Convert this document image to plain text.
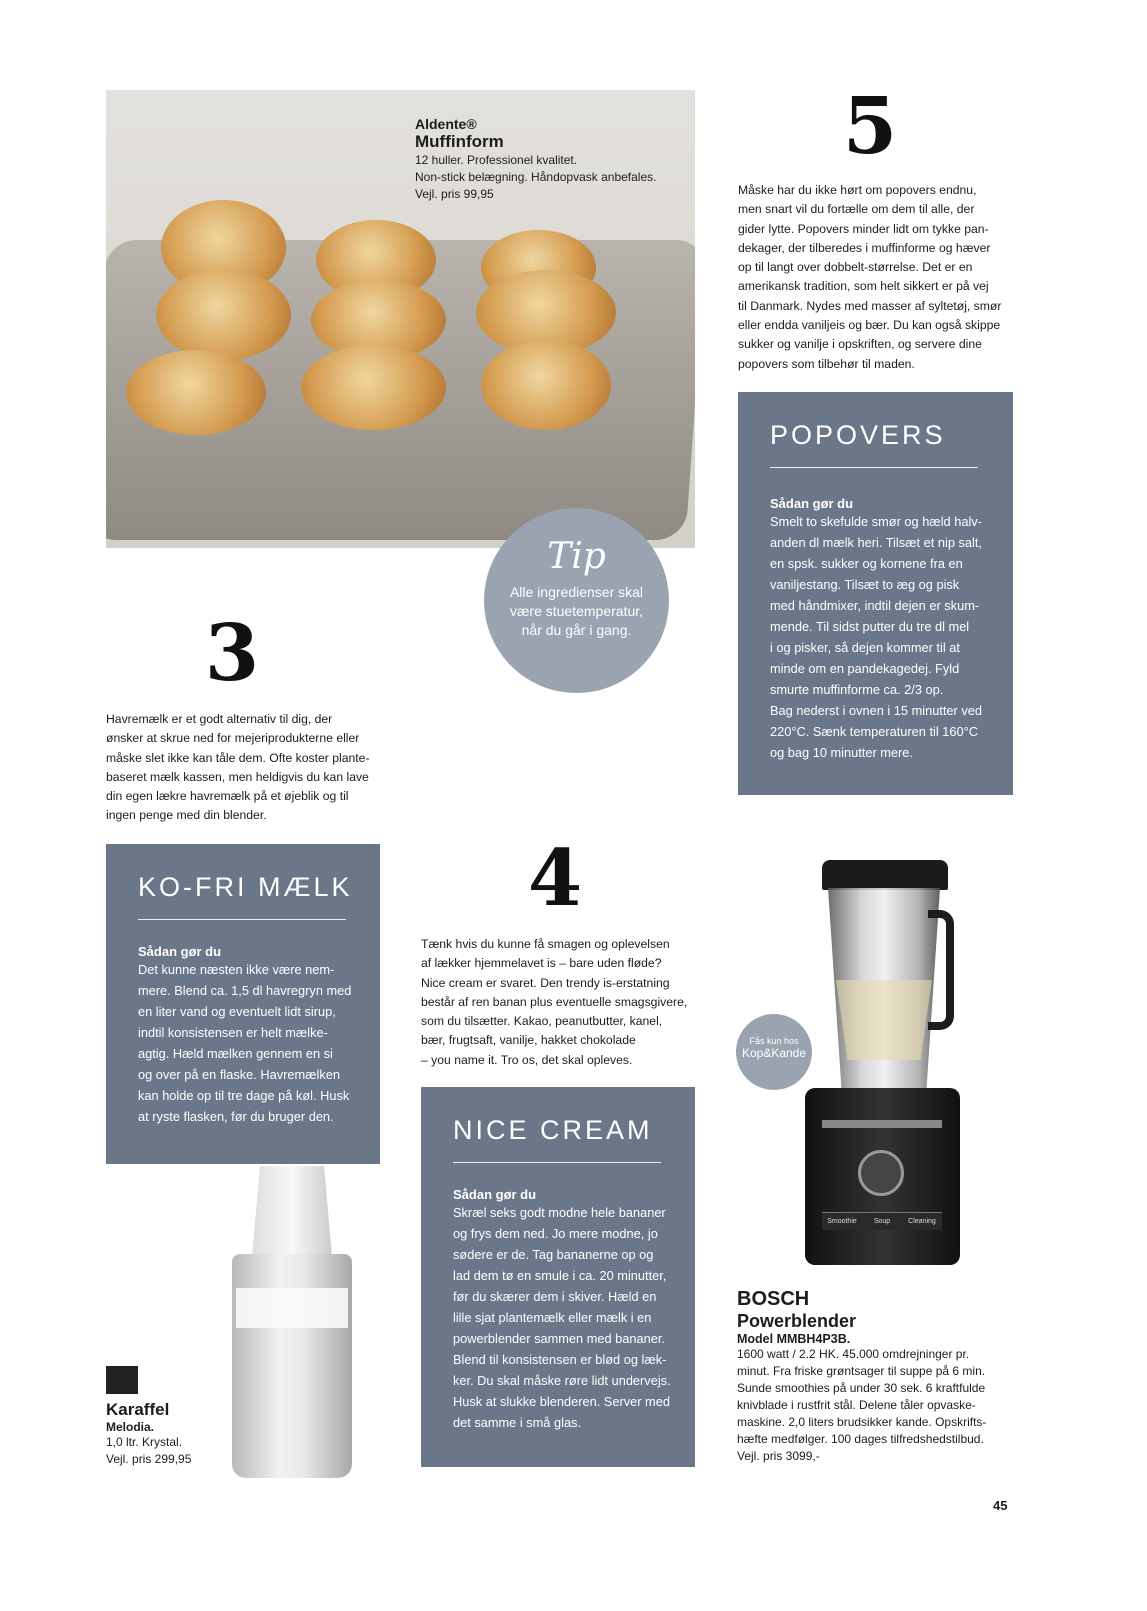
Aldente®
Muffinform
12 huller. Professionel kvalitet.
Non-stick belægning. Håndopvask anbefales.
Vejl. pris 99,95
Tip
Alle ingredienser skal
være stuetemperatur,
når du går i gang.
5
Måske har du ikke hørt om popovers endnu,
men snart vil du fortælle om dem til alle, der
gider lytte. Popovers minder lidt om tykke pan-
dekager, der tilberedes i muffinforme og hæver
op til langt over dobbelt-størrelse. Det er en
amerikansk tradition, som helt sikkert er på vej
til Danmark. Nydes med masser af syltetøj, smør
eller endda vaniljeis og bær. Du kan også skippe
sukker og vanilje i opskriften, og servere dine
popovers som tilbehør til maden.
POPOVERS
Sådan gør du
Smelt to skefulde smør og hæld halv-
anden dl mælk heri. Tilsæt et nip salt,
en spsk. sukker og kornene fra en
vaniljestang. Tilsæt to æg og pisk
med håndmixer, indtil dejen er skum-
mende. Til sidst putter du tre dl mel
i og pisker, så dejen kommer til at
minde om en pandekagedej. Fyld
smurte muffinforme ca. 2/3 op.
Bag nederst i ovnen i 15 minutter ved
220°C. Sænk temperaturen til 160°C
og bag 10 minutter mere.
3
Havremælk er et godt alternativ til dig, der
ønsker at skrue ned for mejeriprodukterne eller
måske slet ikke kan tåle dem. Ofte koster plante-
baseret mælk kassen, men heldigvis du kan lave
din egen lækre havremælk på et øjeblik og til
ingen penge med din blender.
KO-FRI MÆLK
Sådan gør du
Det kunne næsten ikke være nem-
mere. Blend ca. 1,5 dl havregryn med
en liter vand og eventuelt lidt sirup,
indtil konsistensen er helt mælke-
agtig. Hæld mælken gennem en si
og over på en flaske. Havremælken
kan holde op til tre dage på køl. Husk
at ryste flasken, før du bruger den.
Karaffel
Melodia.
1,0 ltr. Krystal.
Vejl. pris 299,95
4
Tænk hvis du kunne få smagen og oplevelsen
af lækker hjemmelavet is – bare uden fløde?
Nice cream er svaret. Den trendy is-erstatning
består af ren banan plus eventuelle smagsgivere,
som du tilsætter. Kakao, peanutbutter, kanel,
bær, frugtsaft, vanilje, hakket chokolade
– you name it. Tro os, det skal opleves.
NICE CREAM
Sådan gør du
Skræl seks godt modne hele bananer
og frys dem ned. Jo mere modne, jo
sødere er de. Tag bananerne op og
lad dem tø en smule i ca. 20 minutter,
før du skærer dem i skiver. Hæld en
lille sjat plantemælk eller mælk i en
powerblender sammen med bananer.
Blend til konsistensen er blød og læk-
ker. Du skal måske røre lidt undervejs.
Husk at slukke blenderen. Server med
det samme i små glas.
Smoothie	Soup	Cleaning
Fås kun hos
Kop&Kande
BOSCH
Powerblender
Model MMBH4P3B.
1600 watt / 2.2 HK. 45.000 omdrejninger pr.
minut. Fra friske grøntsager til suppe på 6 min.
Sunde smoothies på under 30 sek. 6 kraftfulde
knivblade i rustfrit stål. Delene tåler opvaske-
maskine. 2,0 liters brudsikker kande. Opskrifts-
hæfte medfølger. 100 dages tilfredshedstilbud.
Vejl. pris 3099,-
45
